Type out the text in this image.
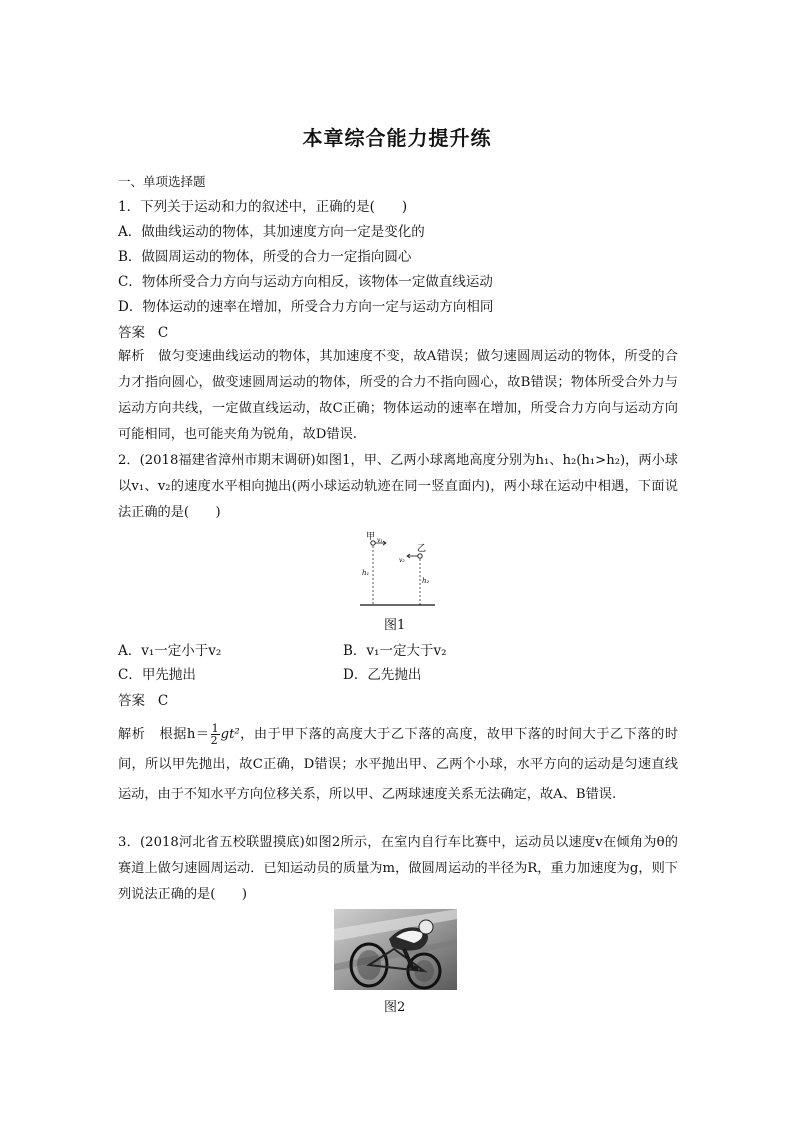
本章综合能力提升练
一、单项选择题
1．下列关于运动和力的叙述中，正确的是(　　)
A．做曲线运动的物体，其加速度方向一定是变化的
B．做圆周运动的物体，所受的合力一定指向圆心
C．物体所受合力方向与运动方向相反，该物体一定做直线运动
D．物体运动的速率在增加，所受合力方向一定与运动方向相同
答案 C
解析 做匀变速曲线运动的物体，其加速度不变，故A错误；做匀速圆周运动的物体，所受的合力才指向圆心，做变速圆周运动的物体，所受的合力不指向圆心，故B错误；物体所受合外力与运动方向共线，一定做直线运动，故C正确；物体运动的速率在增加，所受合力方向与运动方向可能相同，也可能夹角为锐角，故D错误.
2．(2018福建省漳州市期末调研)如图1，甲、乙两小球离地高度分别为h₁、h₂(h₁>h₂)，两小球以v₁、v₂的速度水平相向抛出(两小球运动轨迹在同一竖直面内)，两小球在运动中相遇，下面说法正确的是(　　)
甲 v₁
乙
v₂
h₁
h₂
图1
A．v₁一定小于v₂	B．v₁一定大于v₂
C．甲先抛出	D．乙先抛出
答案 C
解析 根据$h= \frac{1}{2} gt^2$，由于甲下落的高度大于乙下落的高度，故甲下落的时间大于乙下落的时间，所以甲先抛出，故C正确，D错误；水平抛出甲、乙两个小球，水平方向的运动是匀速直线运动，由于不知水平方向位移关系，所以甲、乙两球速度关系无法确定，故A、B错误.
3．(2018河北省五校联盟摸底)如图2所示，在室内自行车比赛中，运动员以速度v在倾角为θ的赛道上做匀速圆周运动．已知运动员的质量为m，做圆周运动的半径为R，重力加速度为g，则下列说法正确的是(　　)
图2
